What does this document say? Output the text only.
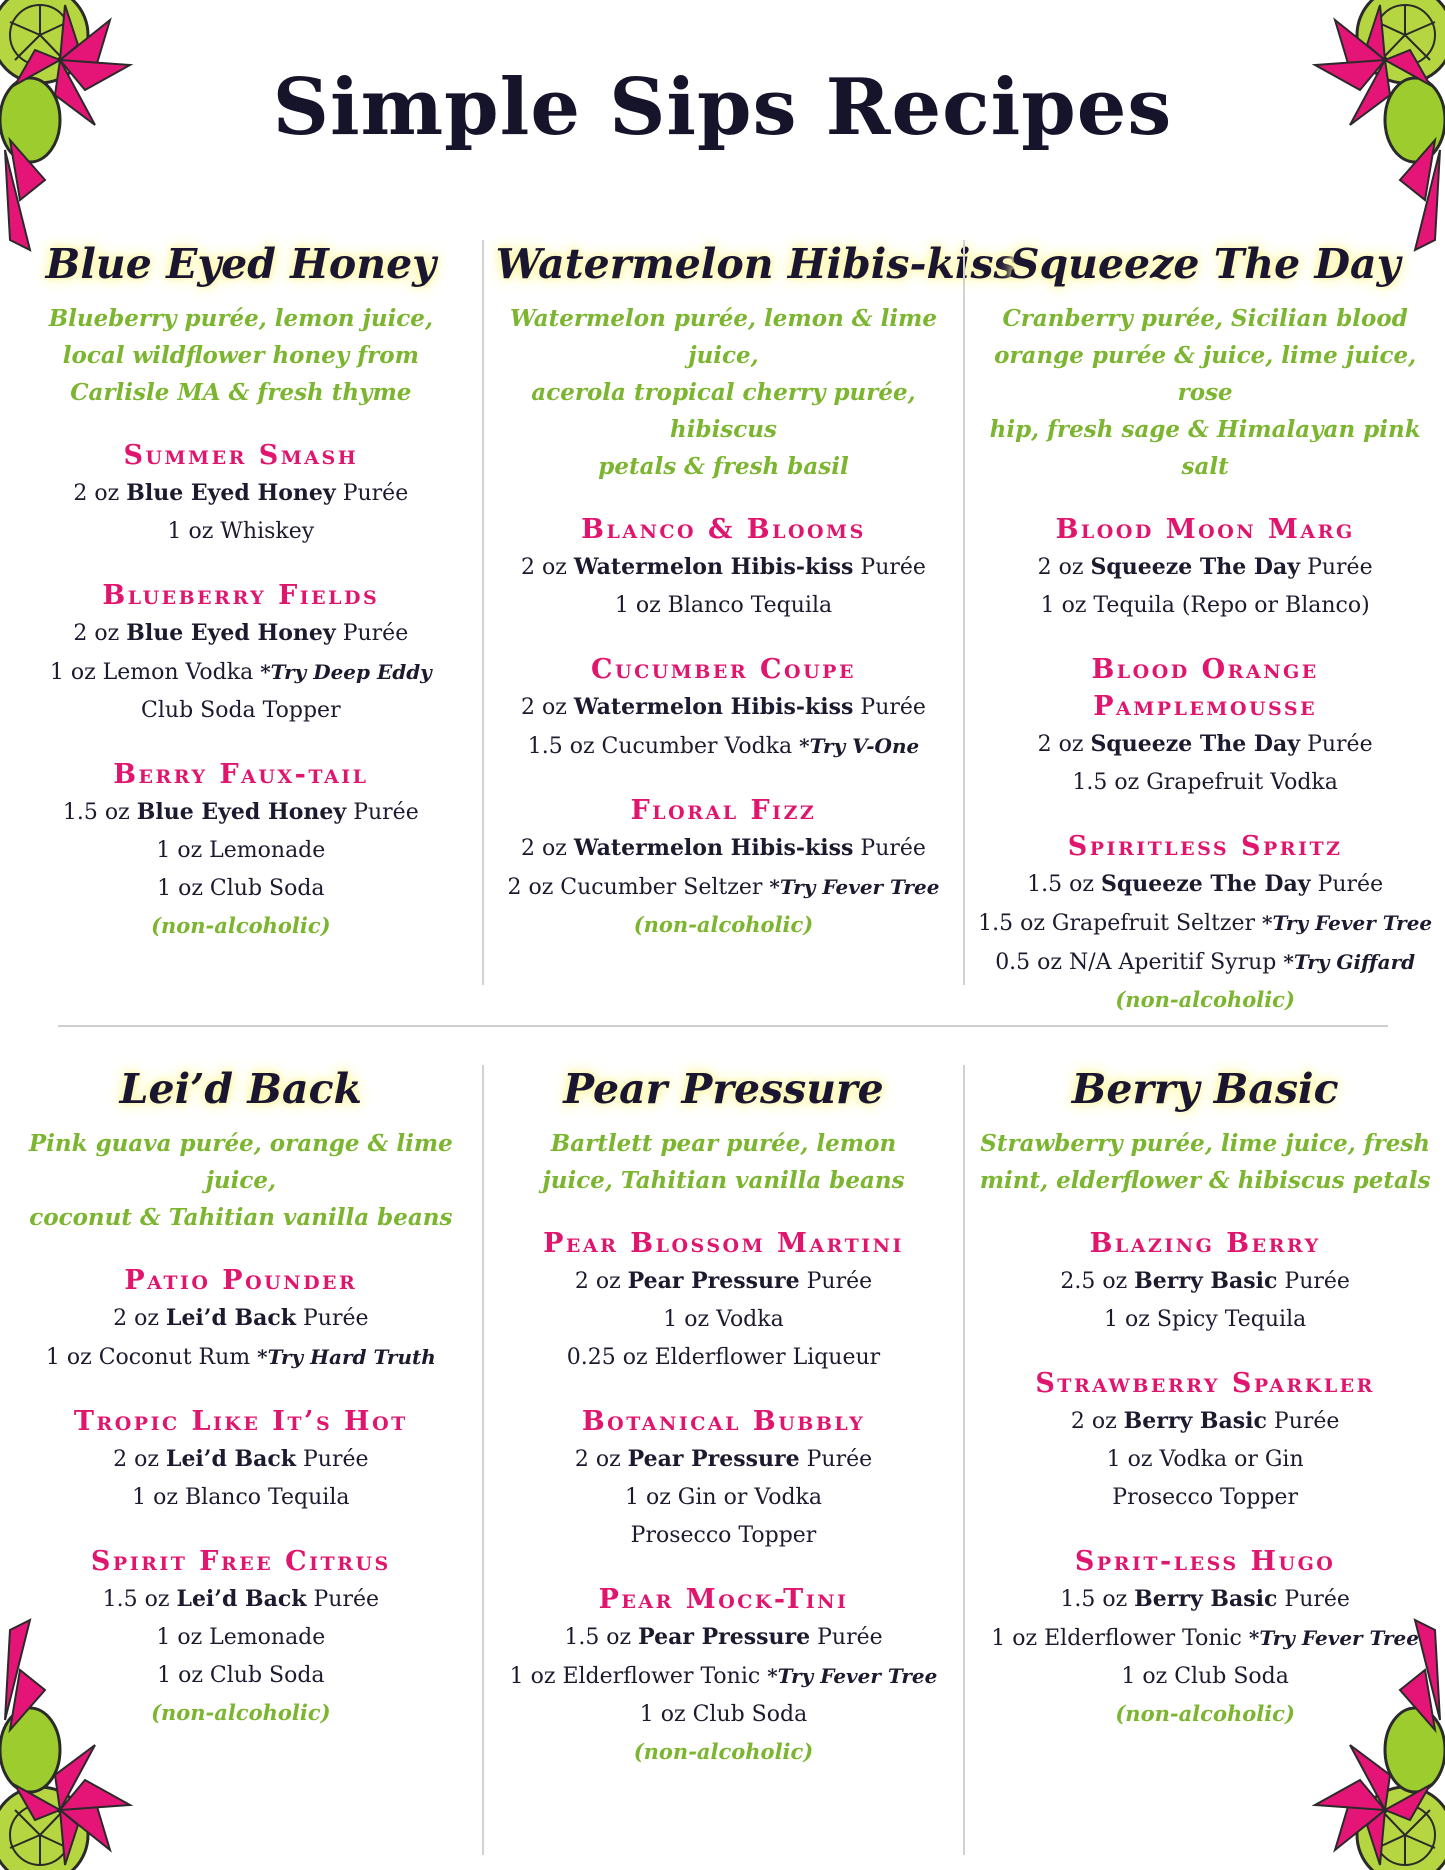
Simple Sips Recipes
Blue Eyed Honey

Blueberry purée, lemon juice,
local wildflower honey from
Carlisle MA & fresh thyme

Summer Smash

2 oz Blue Eyed Honey Purée

1 oz Whiskey

Blueberry Fields

2 oz Blue Eyed Honey Purée

1 oz Lemon Vodka *Try Deep Eddy

Club Soda Topper

Berry Faux-tail

1.5 oz Blue Eyed Honey Purée

1 oz Lemonade

1 oz Club Soda

(non-alcoholic)

Watermelon Hibis-kiss

Watermelon purée, lemon & lime juice,
acerola tropical cherry purée, hibiscus
petals & fresh basil

Blanco & Blooms

2 oz Watermelon Hibis-kiss Purée

1 oz Blanco Tequila

Cucumber Coupe

2 oz Watermelon Hibis-kiss Purée

1.5 oz Cucumber Vodka *Try V-One

Floral Fizz

2 oz Watermelon Hibis-kiss Purée

2 oz Cucumber Seltzer *Try Fever Tree

(non-alcoholic)

Squeeze The Day

Cranberry purée, Sicilian blood
orange purée & juice, lime juice, rose
hip, fresh sage & Himalayan pink salt

Blood Moon Marg

2 oz Squeeze The Day Purée

1 oz Tequila (Repo or Blanco)

Blood Orange
Pamplemousse

2 oz Squeeze The Day Purée

1.5 oz Grapefruit Vodka

Spiritless Spritz

1.5 oz Squeeze The Day Purée

1.5 oz Grapefruit Seltzer *Try Fever Tree

0.5 oz N/A Aperitif Syrup *Try Giffard

(non-alcoholic)

Lei’d Back

Pink guava purée, orange & lime juice,
coconut & Tahitian vanilla beans

Patio Pounder

2 oz Lei’d Back Purée

1 oz Coconut Rum *Try Hard Truth

Tropic Like It’s Hot

2 oz Lei’d Back Purée

1 oz Blanco Tequila

Spirit Free Citrus

1.5 oz Lei’d Back Purée

1 oz Lemonade

1 oz Club Soda

(non-alcoholic)

Pear Pressure

Bartlett pear purée, lemon
juice, Tahitian vanilla beans

Pear Blossom Martini

2 oz Pear Pressure Purée

1 oz Vodka

0.25 oz Elderflower Liqueur

Botanical Bubbly

2 oz Pear Pressure Purée

1 oz Gin or Vodka

Prosecco Topper

Pear Mock-Tini

1.5 oz Pear Pressure Purée

1 oz Elderflower Tonic *Try Fever Tree

1 oz Club Soda

(non-alcoholic)

Berry Basic

Strawberry purée, lime juice, fresh
mint, elderflower & hibiscus petals

Blazing Berry

2.5 oz Berry Basic Purée

1 oz Spicy Tequila

Strawberry Sparkler

2 oz Berry Basic Purée

1 oz Vodka or Gin

Prosecco Topper

Sprit-less Hugo

1.5 oz Berry Basic Purée

1 oz Elderflower Tonic *Try Fever Tree

1 oz Club Soda

(non-alcoholic)
